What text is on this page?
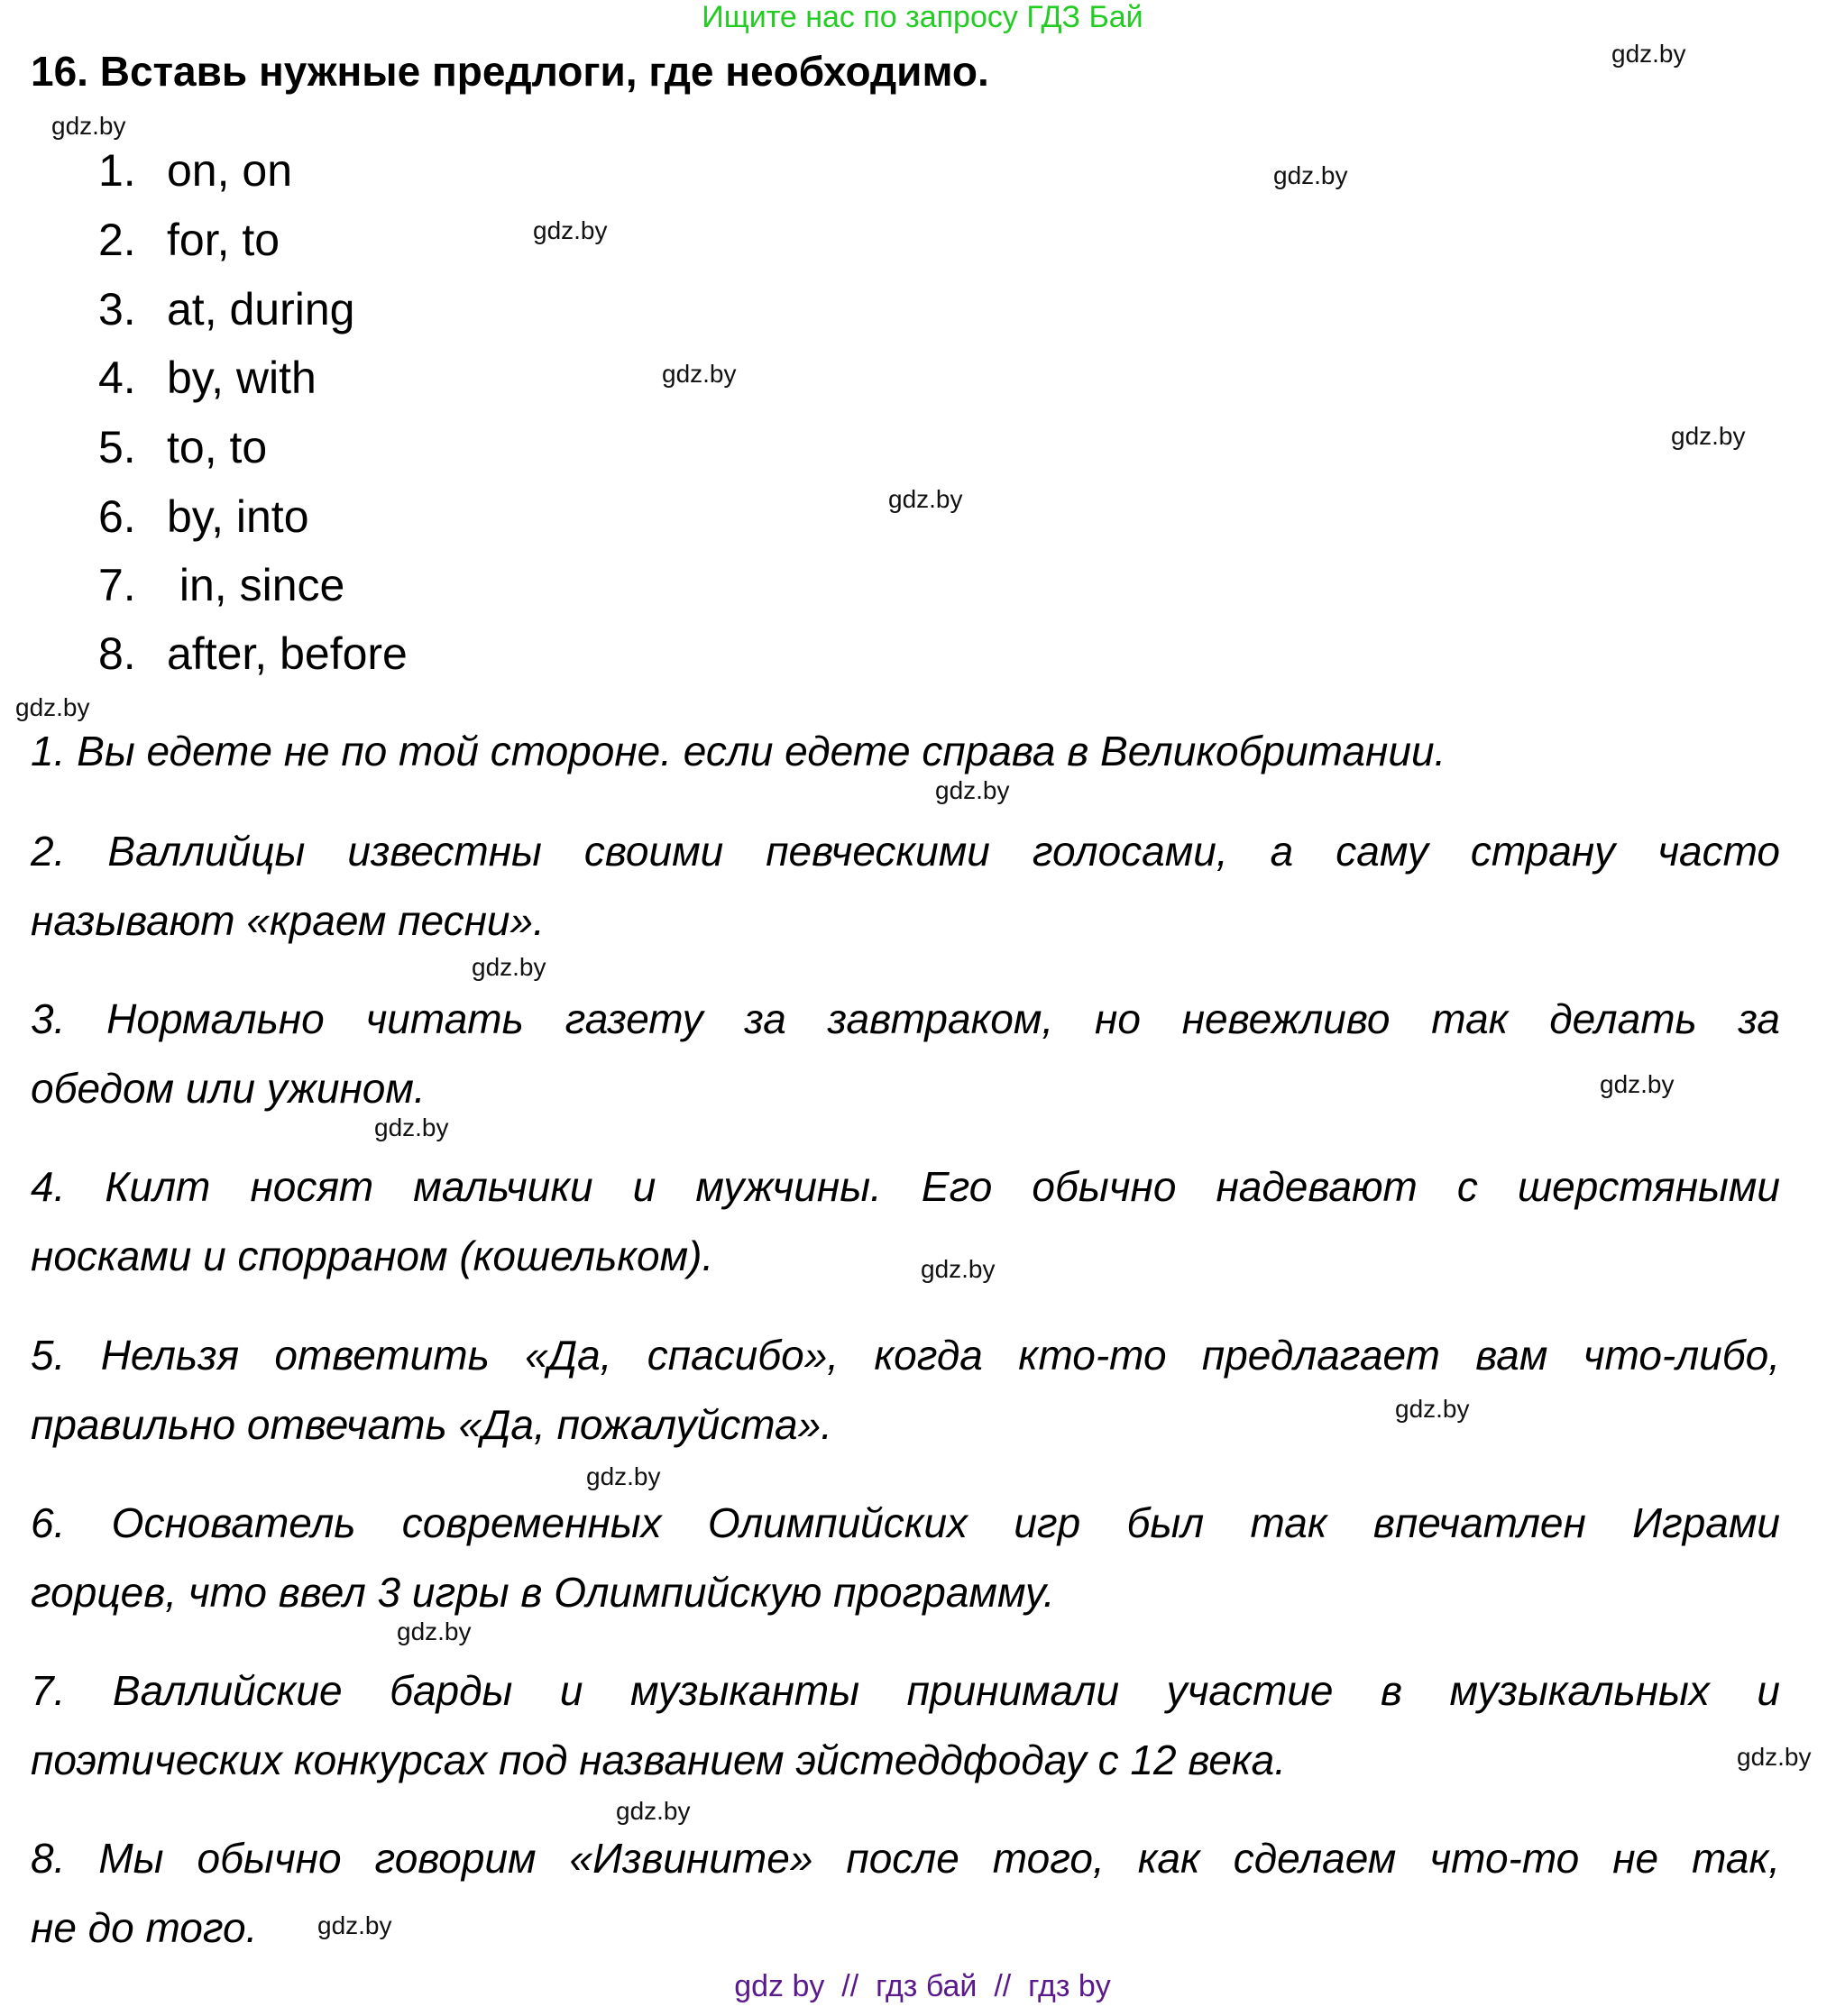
Ищите нас по запросу ГДЗ Бай
16. Вставь нужные предлоги, где необходимо.
1. on, on
2. for, to
3. at, during
4. by, with
5. to, to
6. by, into
7. in, since
8. after, before
1. Вы едете не по той стороне. если едете справа в Великобритании.
2. Валлийцы известны своими певческими голосами, а саму страну часто
называют «краем песни».
3. Нормально читать газету за завтраком, но невежливо так делать за
обедом или ужином.
4. Килт носят мальчики и мужчины. Его обычно надевают с шерстяными
носками и спорраном (кошельком).
5. Нельзя ответить «Да, спасибо», когда кто-то предлагает вам что-либо,
правильно отвечать «Да, пожалуйста».
6. Основатель современных Олимпийских игр был так впечатлен Играми
горцев, что ввел 3 игры в Олимпийскую программу.
7. Валлийские барды и музыканты принимали участие в музыкальных и
поэтических конкурсах под названием эйстеддфодау с 12 века.
8. Мы обычно говорим «Извините» после того, как сделаем что-то не так,
не до того.
gdz.by
gdz.by
gdz.by
gdz.by
gdz.by
gdz.by
gdz.by
gdz.by
gdz.by
gdz.by
gdz.by
gdz.by
gdz.by
gdz.by
gdz.by
gdz.by
gdz.by
gdz.by
gdz.by
gdz by  //  гдз бай  //  гдз by
